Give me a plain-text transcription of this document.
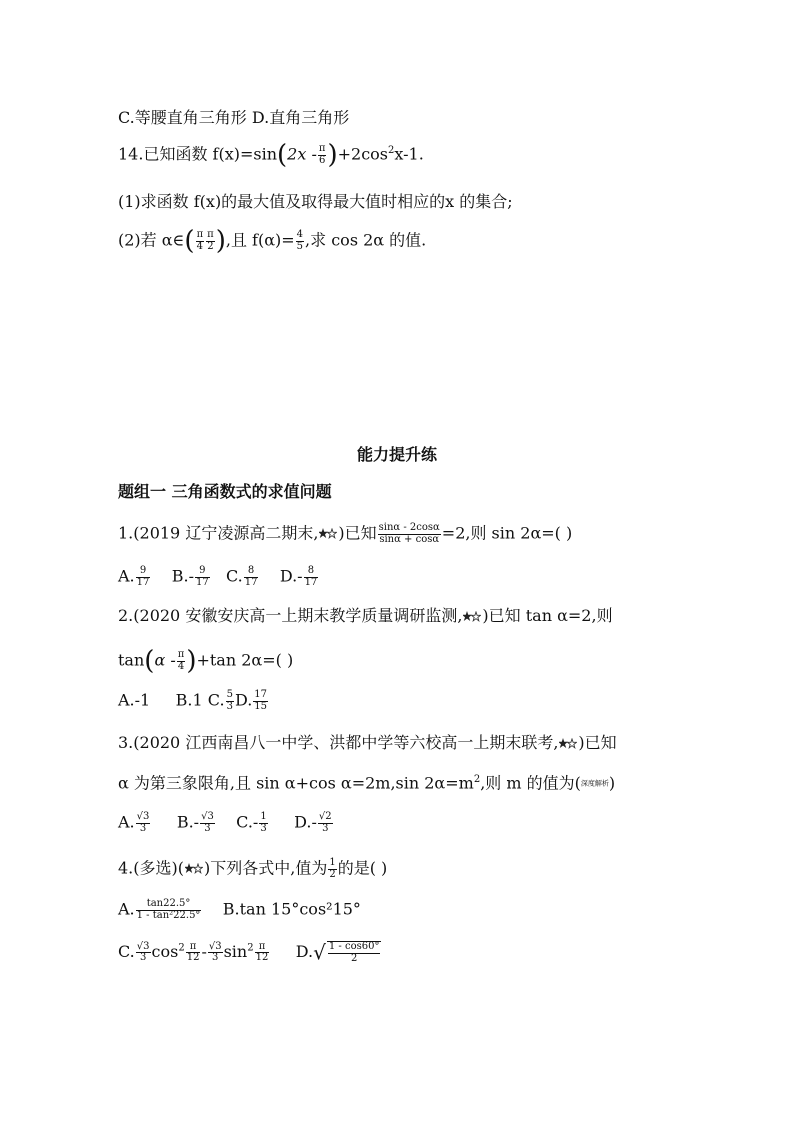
C.等腰直角三角形 D.直角三角形
14.已知函数 $f(x)=\sin(2x - \frac{\pi}{6} )+2\cos^2x-1$.
(1)求函数 f(x)的最大值及取得最大值时相应的x 的集合;
(2)若 α∈( $\frac{\pi}{4} \frac{\pi}{2}$ ),且 $f(\alpha)= \frac{4}{5}$ ,求 cos 2α 的值.
能力提升练
题组一 三角函数式的求值问题
1.(2019 辽宁凌源高二期末, )已知 $\frac{\sin\alpha - 2\cos\alpha}{\sin\alpha + \cos\alpha} =2$,则 sin 2α=( )
A. $\frac{9}{17} B.- \frac{9}{17} C$. $\frac{8}{17} D.- \frac{8}{17}$
2.(2020 安徽安庆高一上期末教学质量调研监测, )已知 tan α=2,则
$\tan(\alpha - \frac{\pi}{4} )+\tan$ 2α=( )
A.-1 B.1 C. $\frac{5}{3} D$. $\frac{17}{15}$
3.(2020 江西南昌八一中学、洪都中学等六校高一上期末联考, )已知
α 为第三象限角,且 sin α+cos α=2m,sin $2\alpha=m^2$,则 m 的值为(深度解析)
A. $\frac{√3}{3} B.- \frac{√3}{3} C.- \frac{1}{3} D.- \frac{√2}{3}$
4.(多选)( )下列各式中,值为 $\frac{1}{2}$ 的是( )
A. $\frac{\tan 22.5^\circ}{\text{1 - tan²22.5°}} B.\tan$ 15°cos²15°
C. $\frac{√3}{3} \cos^2 \frac{\pi}{12} - \frac{√3}{3} \sin^2 \frac{\pi}{12} D.√ \frac{1 - \cos 60^\circ}{2}$
